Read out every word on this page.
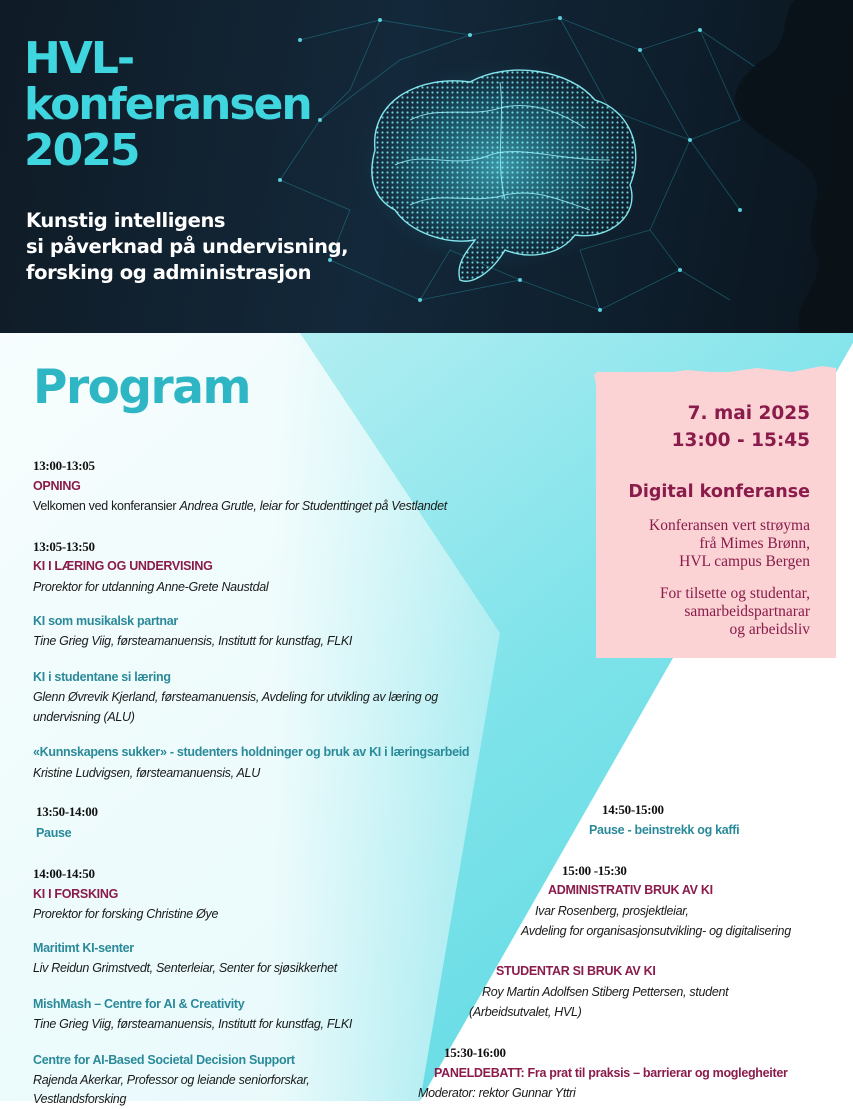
HVL-
konferansen
2025
Kunstig intelligens
si påverknad på undervisning,
forsking og administrasjon
Program	7. mai 2025
13:00 - 15:45
Digital konferanse
Konferansen vert strøyma
frå Mimes Brønn,
HVL campus Bergen
For tilsette og studentar,
samarbeidspartnarar
og arbeidsliv
13:00-13:05
OPNING
Velkomen ved konferansier Andrea Grutle, leiar for Studenttinget på Vestlandet
13:05-13:50
KI I LÆRING OG UNDERVISING
Prorektor for utdanning Anne-Grete Naustdal
KI som musikalsk partnar
Tine Grieg Viig, førsteamanuensis, Institutt for kunstfag, FLKI
KI i studentane si læring
Glenn Øvrevik Kjerland, førsteamanuensis, Avdeling for utvikling av læring og
undervisning (ALU)
«Kunnskapens sukker» - studenters holdninger og bruk av KI i læringsarbeid
Kristine Ludvigsen, førsteamanuensis, ALU
13:50-14:00
Pause
14:00-14:50
KI I FORSKING
Prorektor for forsking Christine Øye
Maritimt KI-senter
Liv Reidun Grimstvedt, Senterleiar, Senter for sjøsikkerhet
MishMash – Centre for AI & Creativity
Tine Grieg Viig, førsteamanuensis, Institutt for kunstfag, FLKI
Centre for AI-Based Societal Decision Support
Rajenda Akerkar, Professor og leiande seniorforskar,
Vestlandsforsking
14:50-15:00
Pause - beinstrekk og kaffi
15:00 -15:30
ADMINISTRATIV BRUK AV KI
Ivar Rosenberg, prosjektleiar,
Avdeling for organisasjonsutvikling- og digitalisering
STUDENTAR SI BRUK AV KI
Roy Martin Adolfsen Stiberg Pettersen, student
(Arbeidsutvalet, HVL)
15:30-16:00
PANELDEBATT: Fra prat til praksis – barrierar og moglegheiter
Moderator: rektor Gunnar Yttri
